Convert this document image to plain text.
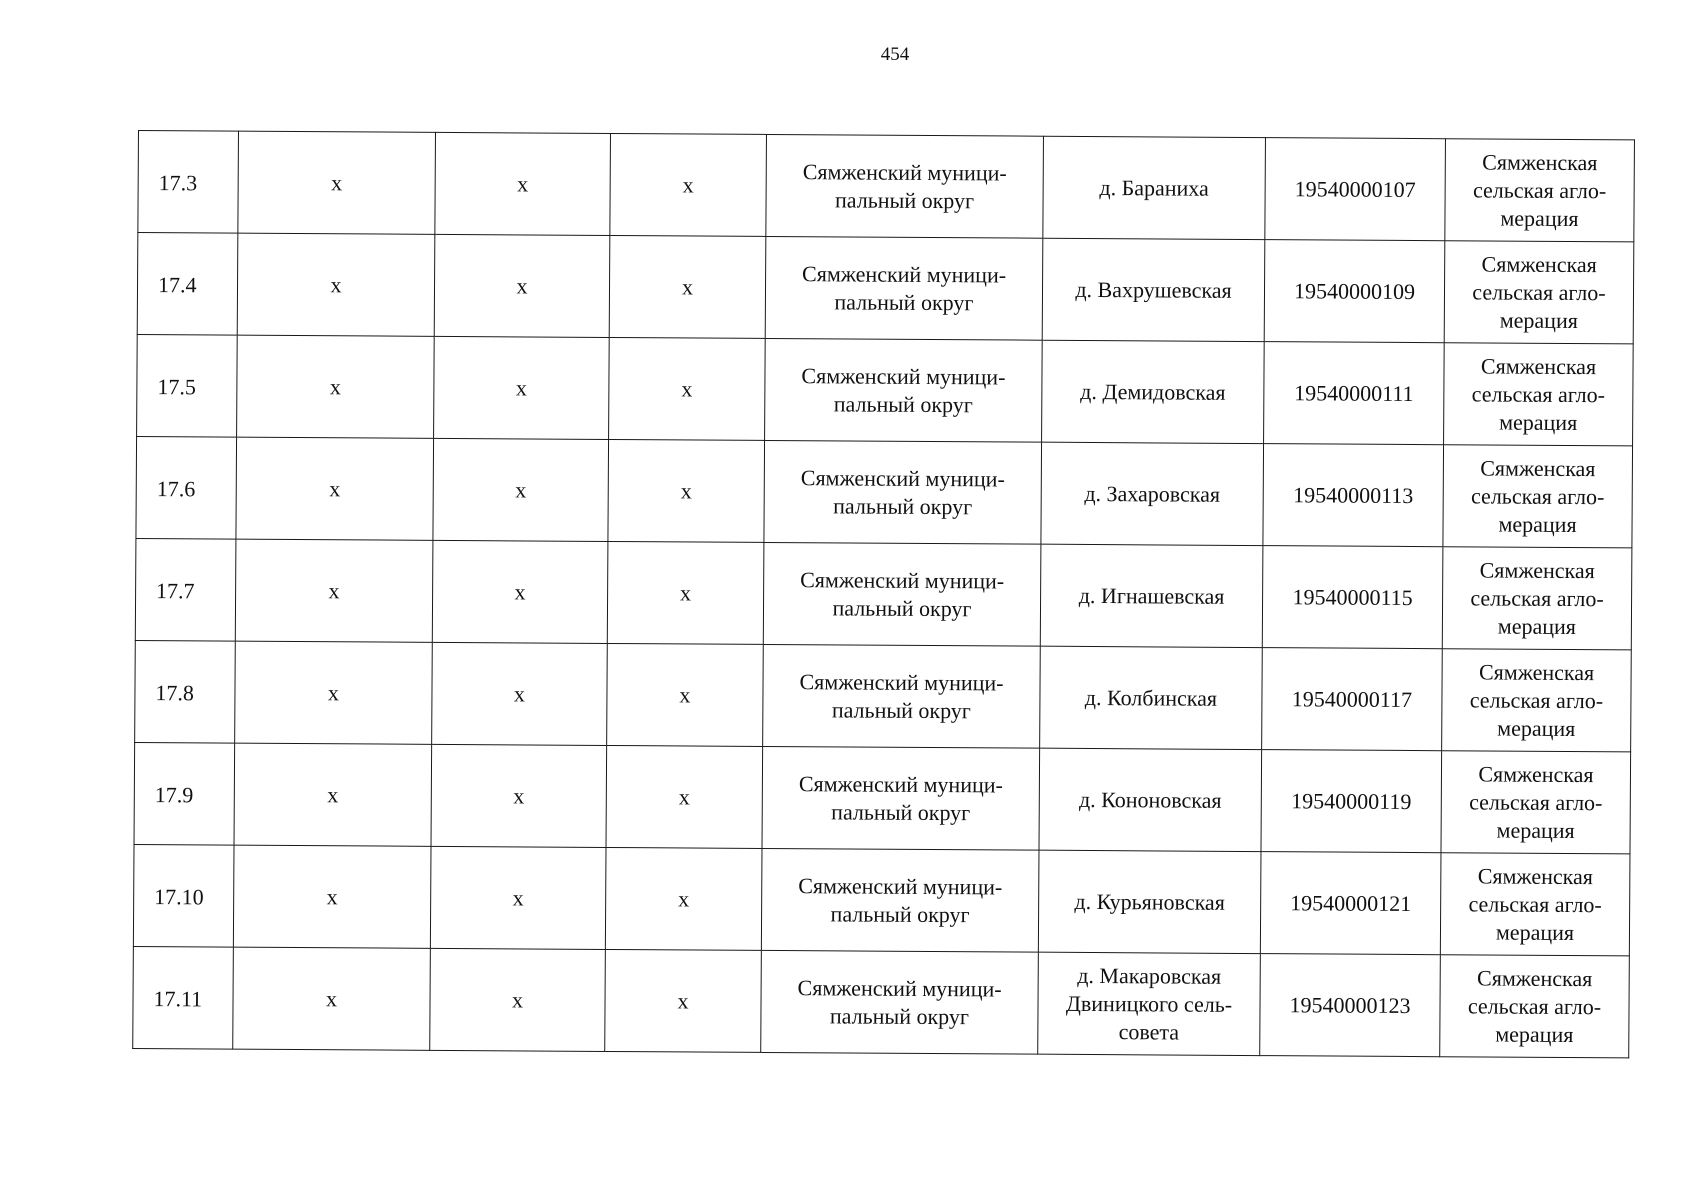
454
17.3	х	х	х	Сямженский муници-
пальный округ	д. Бараниха	19540000107	Сямженская
сельская агло-
мерация

17.4	х	х	х	Сямженский муници-
пальный округ	д. Вахрушевская	19540000109	Сямженская
сельская агло-
мерация

17.5	х	х	х	Сямженский муници-
пальный округ	д. Демидовская	19540000111	Сямженская
сельская агло-
мерация

17.6	х	х	х	Сямженский муници-
пальный округ	д. Захаровская	19540000113	Сямженская
сельская агло-
мерация

17.7	х	х	х	Сямженский муници-
пальный округ	д. Игнашевская	19540000115	Сямженская
сельская агло-
мерация

17.8	х	х	х	Сямженский муници-
пальный округ	д. Колбинская	19540000117	Сямженская
сельская агло-
мерация

17.9	х	х	х	Сямженский муници-
пальный округ	д. Кононовская	19540000119	Сямженская
сельская агло-
мерация

17.10	х	х	х	Сямженский муници-
пальный округ	д. Курьяновская	19540000121	Сямженская
сельская агло-
мерация

17.11	х	х	х	Сямженский муници-
пальный округ	д. Макаровская
Двиницкого сель-
совета	19540000123	Сямженская
сельская агло-
мерация
